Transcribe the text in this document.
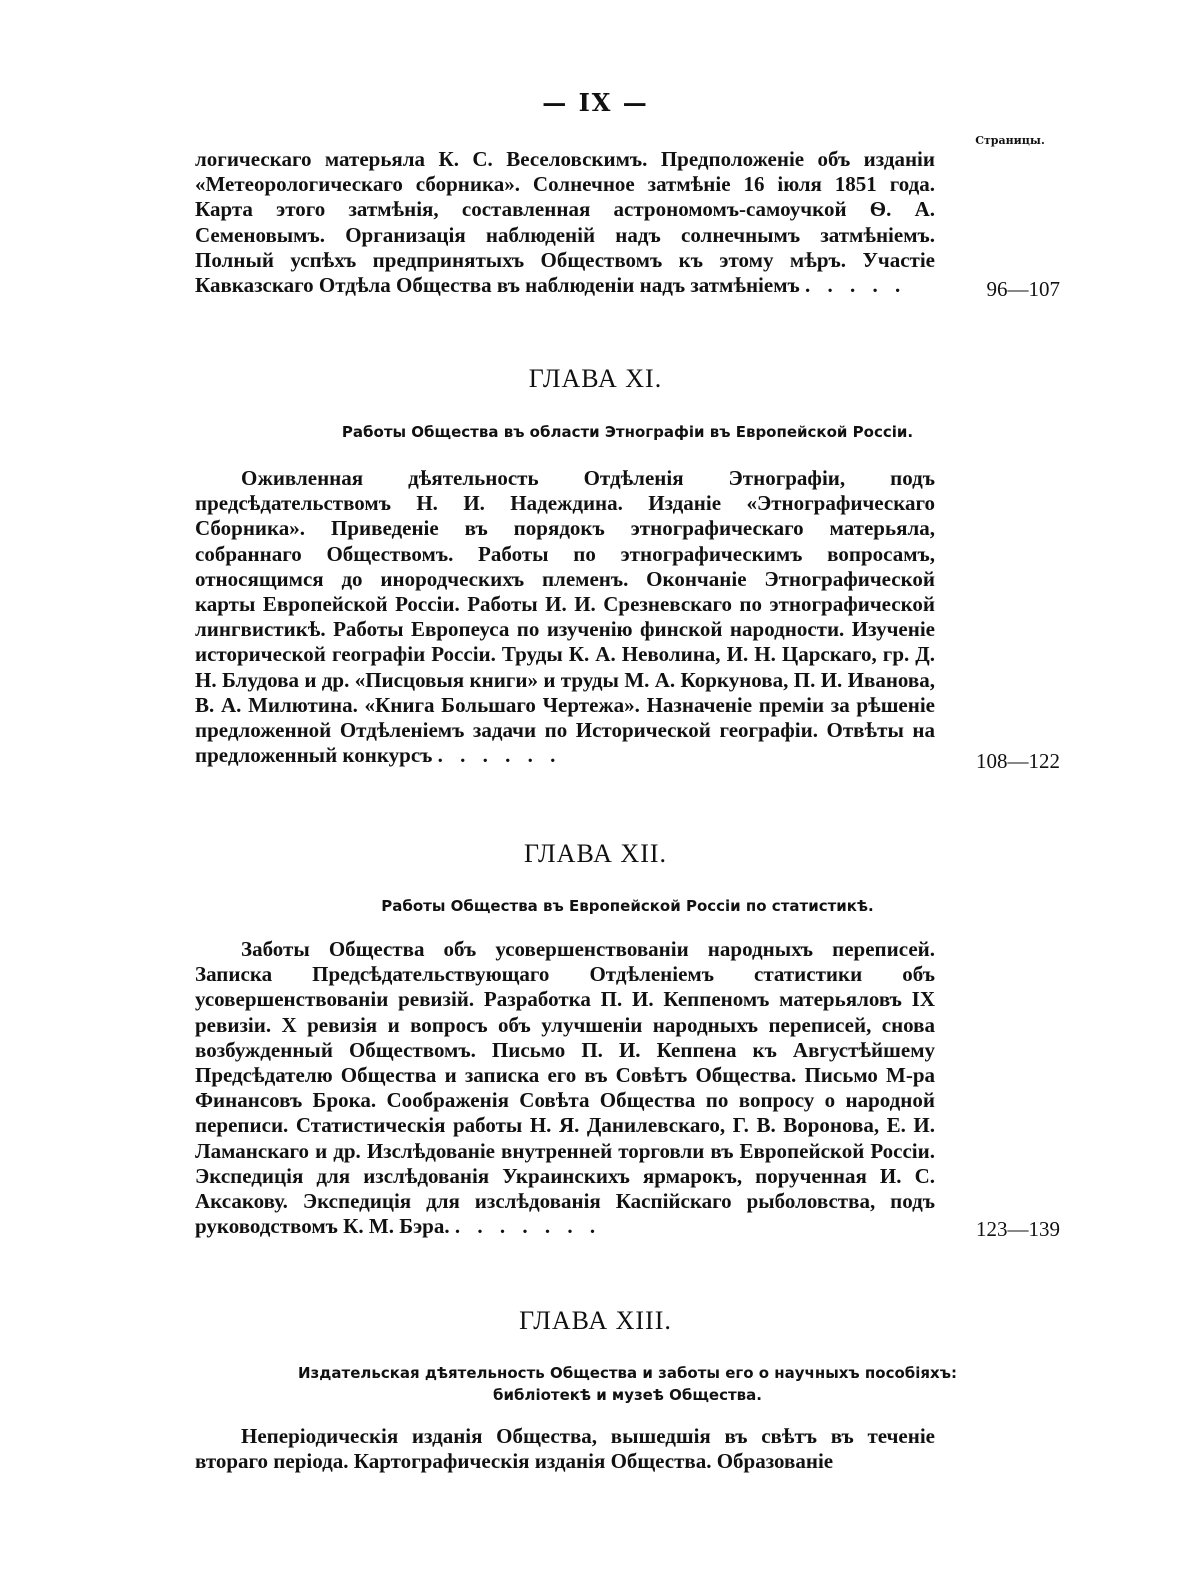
— IX —
Страницы.

логическаго матерьяла К. С. Веселовскимъ. Предположеніе объ изданіи «Метеорологическаго сборника». Солнечное затмѣніе 16 іюля 1851 года. Карта этого затмѣнія, составленная астрономомъ-самоучкой Ѳ. А. Семеновымъ. Организація наблюденій надъ солнечнымъ затмѣніемъ. Полный успѣхъ предпринятыхъ Обществомъ къ этому мѣръ. Участіе Кавказскаго Отдѣла Общества въ наблюденіи надъ затмѣніемъ . . . . .	96—107
ГЛАВА XI.
Работы Общества въ области Этнографіи въ Европейской Россіи.

Оживленная дѣятельность Отдѣленія Этнографіи, подъ предсѣдательствомъ Н. И. Надеждина. Изданіе «Этнографическаго Сборника». Приведеніе въ порядокъ этнографическаго матерьяла, собраннаго Обществомъ. Работы по этнографическимъ вопросамъ, относящимся до инородческихъ племенъ. Окончаніе Этнографической карты Европейской Россіи. Работы И. И. Срезневскаго по этнографической лингвистикѣ. Работы Европеуса по изученію финской народности. Изученіе исторической географіи Россіи. Труды К. А. Неволина, И. Н. Царскаго, гр. Д. Н. Блудова и др. «Писцовыя книги» и труды М. А. Коркунова, П. И. Иванова, В. А. Милютина. «Книга Большаго Чертежа». Назначеніе преміи за рѣшеніе предложенной Отдѣленіемъ задачи по Исторической географіи. Отвѣты на предложенный конкурсъ . . . . . .	108—122
ГЛАВА XII.
Работы Общества въ Европейской Россіи по статистикѣ.

Заботы Общества объ усовершенствованіи народныхъ переписей. Записка Предсѣдательствующаго Отдѣленіемъ статистики объ усовершенствованіи ревизій. Разработка П. И. Кеппеномъ матерьяловъ IX ревизіи. X ревизія и вопросъ объ улучшеніи народныхъ переписей, снова возбужденный Обществомъ. Письмо П. И. Кеппена къ Августѣйшему Предсѣдателю Общества и записка его въ Совѣтъ Общества. Письмо М-ра Финансовъ Брока. Соображенія Совѣта Общества по вопросу о народной переписи. Статистическія работы Н. Я. Данилевскаго, Г. В. Воронова, Е. И. Ламанскаго и др. Изслѣдованіе внутренней торговли въ Европейской Россіи. Экспедиція для изслѣдованія Украинскихъ ярмарокъ, порученная И. С. Аксакову. Экспедиція для изслѣдованія Каспійскаго рыболовства, подъ руководствомъ К. М. Бэра. . . . . . . .	123—139
ГЛАВА XIII.
Издательская дѣятельность Общества и заботы его о научныхъ пособіяхъ:
библіотекѣ и музеѣ Общества.

Непеpіодическія изданія Общества, вышедшія въ свѣтъ въ теченіе втораго періода. Картографическія изданія Общества. Образованіе
